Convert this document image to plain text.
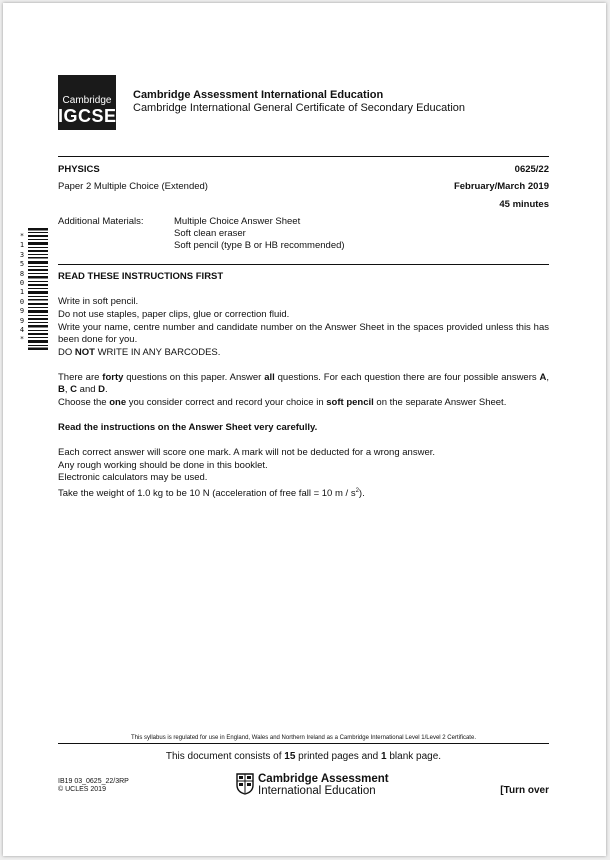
Cambridge
IGCSE
Cambridge Assessment International Education
Cambridge International General Certificate of Secondary Education
PHYSICS	0625/22
Paper 2 Multiple Choice (Extended)	February/March 2019
45 minutes
Additional Materials:	Multiple Choice Answer Sheet
Soft clean eraser
Soft pencil (type B or HB recommended)
*1358010994*
READ THESE INSTRUCTIONS FIRST
Write in soft pencil.
Do not use staples, paper clips, glue or correction fluid.
Write your name, centre number and candidate number on the Answer Sheet in the spaces provided unless this has been done for you.
DO NOT WRITE IN ANY BARCODES.
There are forty questions on this paper. Answer all questions. For each question there are four possible answers A, B, C and D.
Choose the one you consider correct and record your choice in soft pencil on the separate Answer Sheet.
Read the instructions on the Answer Sheet very carefully.
Each correct answer will score one mark. A mark will not be deducted for a wrong answer.
Any rough working should be done in this booklet.
Electronic calculators may be used.
Take the weight of 1.0 kg to be 10 N (acceleration of free fall = 10 m / $s^2$).
This syllabus is regulated for use in England, Wales and Northern Ireland as a Cambridge International Level 1/Level 2 Certificate.
This document consists of 15 printed pages and 1 blank page.
IB19 03_0625_22/3RP
© UCLES 2019
Cambridge Assessment
International Education	[Turn over
